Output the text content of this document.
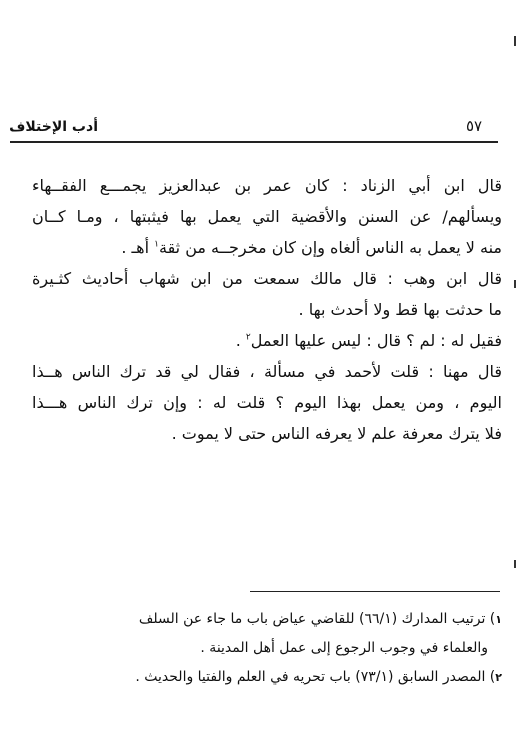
٥٧
أدب الإختلاف
قال ابن أبي الزناد : كان عمر بن عبدالعزيز يجمـــع الفقــهاء
ويسألهم/ عن السنن والأقضية التي يعمل بها فيثبتها ، ومـا كــان
منه لا يعمل به الناس ألغاه وإن كان مخرجــه من ثقة$^١$ أهـ .
قال ابن وهب : قال مالك سمعت من ابن شهاب أحاديث كثـيرة
ما حدثت بها قط ولا أحدث بها .
فقيل له : لم ؟ قال : ليس عليها العمل$^٢$ .
قال مهنا : قلت لأحمد في مسألة ، فقال لي قد ترك الناس هــذا
اليوم ، ومن يعمل بهذا اليوم ؟ قلت له : وإن ترك الناس هـــذا
فلا يترك معرفة علم لا يعرفه الناس حتى لا يموت .
١) ترتيب المدارك (٦٦/١) للقاضي عياض باب ما جاء عن السلف
والعلماء في وجوب الرجوع إلى عمل أهل المدينة .
٢) المصدر السابق (٧٣/١) باب تحريه في العلم والفتيا والحديث .
